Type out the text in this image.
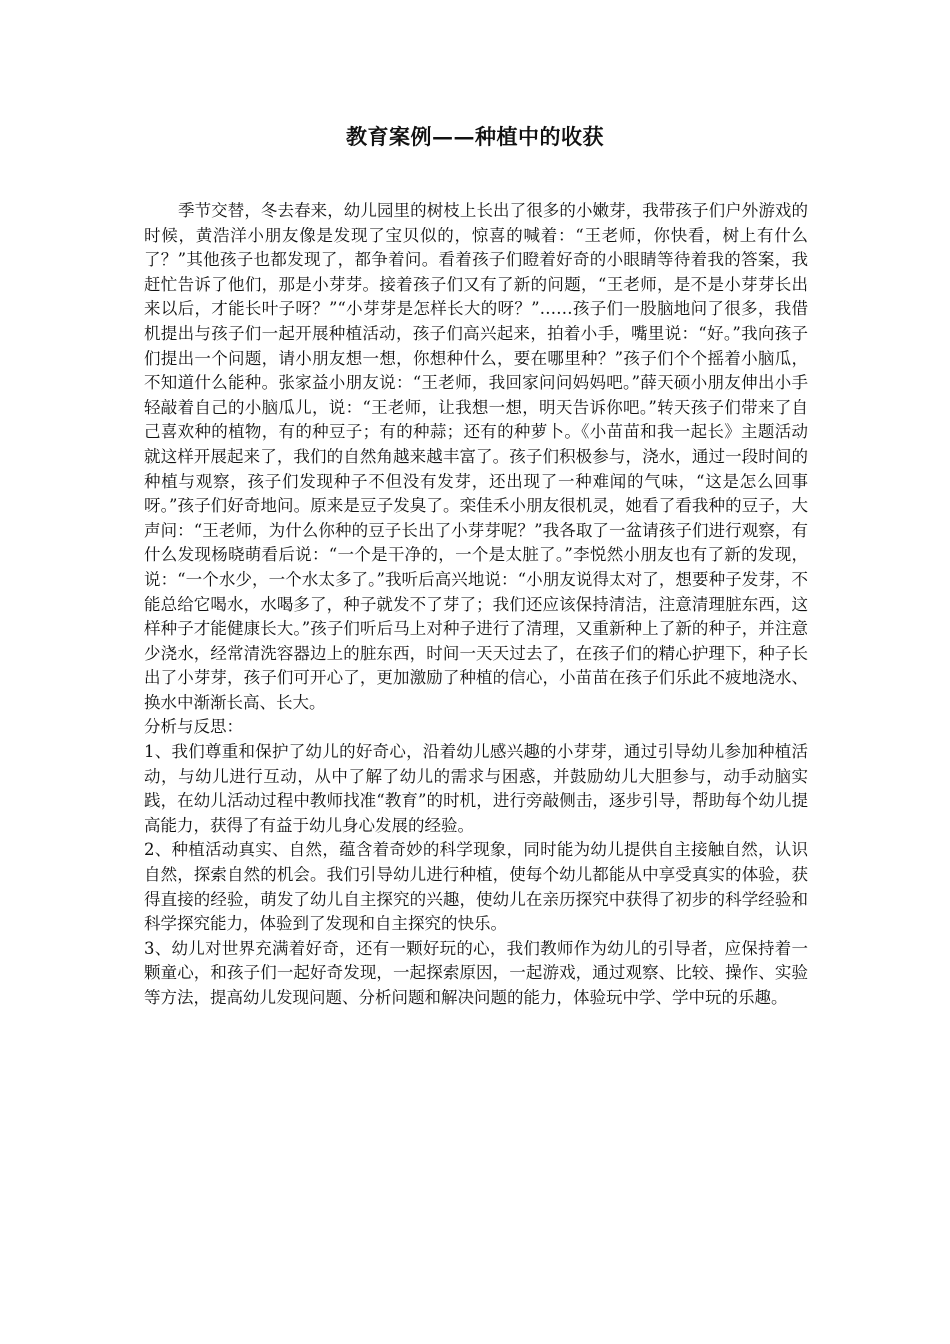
教育案例——种植中的收获

季节交替，冬去春来，幼儿园里的树枝上长出了很多的小嫩芽，我带孩子们户外游戏的时候，黄浩洋小朋友像是发现了宝贝似的，惊喜的喊着：“王老师，你快看，树上有什么了？”其他孩子也都发现了，都争着问。看着孩子们瞪着好奇的小眼睛等待着我的答案，我赶忙告诉了他们，那是小芽芽。接着孩子们又有了新的问题，“王老师，是不是小芽芽长出来以后，才能长叶子呀？”“小芽芽是怎样长大的呀？”……孩子们一股脑地问了很多，我借机提出与孩子们一起开展种植活动，孩子们高兴起来，拍着小手，嘴里说：“好。”我向孩子们提出一个问题，请小朋友想一想，你想种什么，要在哪里种？”孩子们个个摇着小脑瓜，不知道什么能种。张家益小朋友说：“王老师，我回家问问妈妈吧。”薛天硕小朋友伸出小手轻敲着自己的小脑瓜儿，说：“王老师，让我想一想，明天告诉你吧。”转天孩子们带来了自己喜欢种的植物，有的种豆子；有的种蒜；还有的种萝卜。《小苗苗和我一起长》主题活动就这样开展起来了，我们的自然角越来越丰富了。孩子们积极参与，浇水，通过一段时间的种植与观察，孩子们发现种子不但没有发芽，还出现了一种难闻的气味，“这是怎么回事呀。”孩子们好奇地问。原来是豆子发臭了。栾佳禾小朋友很机灵，她看了看我种的豆子，大声问：“王老师，为什么你种的豆子长出了小芽芽呢？”我各取了一盆请孩子们进行观察，有什么发现杨晓萌看后说：“一个是干净的，一个是太脏了。”李悦然小朋友也有了新的发现，说：“一个水少，一个水太多了。”我听后高兴地说：“小朋友说得太对了，想要种子发芽，不能总给它喝水，水喝多了，种子就发不了芽了；我们还应该保持清洁，注意清理脏东西，这样种子才能健康长大。”孩子们听后马上对种子进行了清理，又重新种上了新的种子，并注意少浇水，经常清洗容器边上的脏东西，时间一天天过去了，在孩子们的精心护理下，种子长出了小芽芽，孩子们可开心了，更加激励了种植的信心，小苗苗在孩子们乐此不疲地浇水、换水中渐渐长高、长大。

分析与反思：

1、我们尊重和保护了幼儿的好奇心，沿着幼儿感兴趣的小芽芽，通过引导幼儿参加种植活动，与幼儿进行互动，从中了解了幼儿的需求与困惑，并鼓励幼儿大胆参与，动手动脑实践，在幼儿活动过程中教师找准“教育”的时机，进行旁敲侧击，逐步引导，帮助每个幼儿提高能力，获得了有益于幼儿身心发展的经验。

2、种植活动真实、自然，蕴含着奇妙的科学现象，同时能为幼儿提供自主接触自然，认识自然，探索自然的机会。我们引导幼儿进行种植，使每个幼儿都能从中享受真实的体验，获得直接的经验，萌发了幼儿自主探究的兴趣，使幼儿在亲历探究中获得了初步的科学经验和科学探究能力，体验到了发现和自主探究的快乐。

3、幼儿对世界充满着好奇，还有一颗好玩的心，我们教师作为幼儿的引导者，应保持着一颗童心，和孩子们一起好奇发现，一起探索原因，一起游戏，通过观察、比较、操作、实验等方法，提高幼儿发现问题、分析问题和解决问题的能力，体验玩中学、学中玩的乐趣。
